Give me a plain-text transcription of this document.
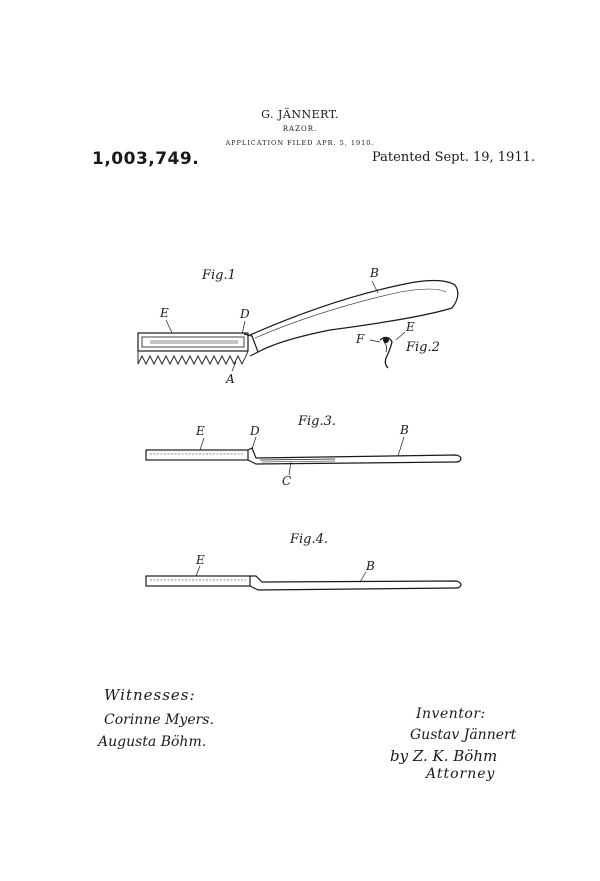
G. JÄNNERT.
RAZOR.
APPLICATION FILED APR. 5, 1910.
1,003,749.	Patented Sept. 19, 1911.
Fig.1
E	D
B
A
Fig.2
F
E
Fig.3.
E	D	B
C
Fig.4.
E	B
Witnesses:
Corinne Myers.
Augusta Böhm.
Inventor:
Gustav Jännert
by Z. K. Böhm
Attorney
